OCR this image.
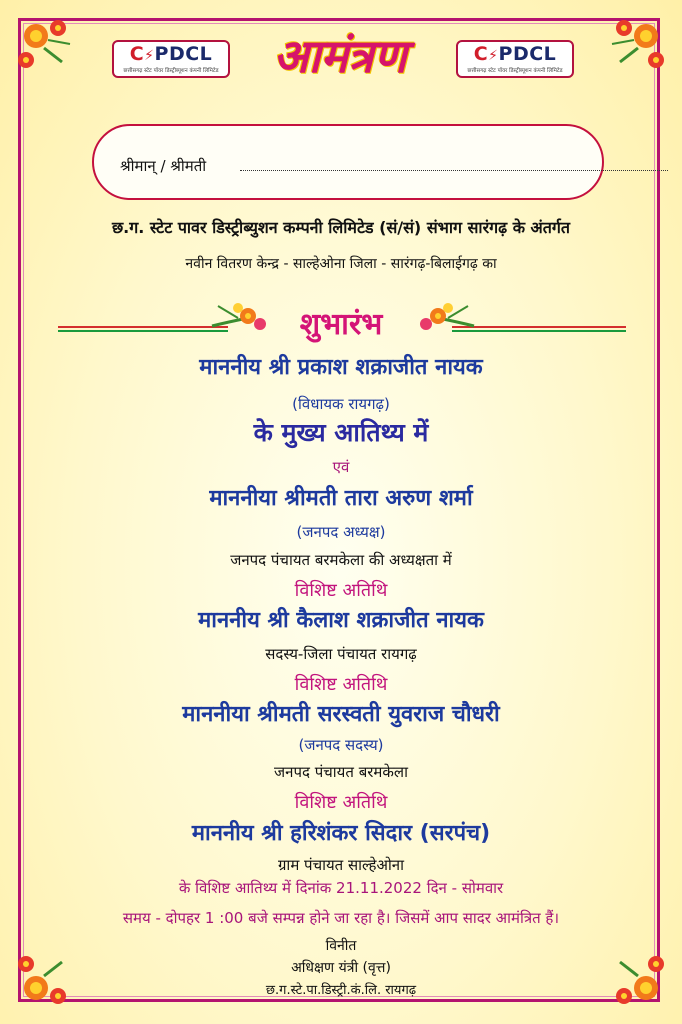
C⚡PDCL
छत्तीसगढ़ स्टेट पॉवर डिस्ट्रीब्यूशन कंपनी लिमिटेड
C⚡PDCL
छत्तीसगढ़ स्टेट पॉवर डिस्ट्रीब्यूशन कंपनी लिमिटेड
आमंत्रण
श्रीमान् / श्रीमती
छ.ग. स्टेट पावर डिस्ट्रीब्युशन कम्पनी लिमिटेड (सं/सं) संभाग सारंगढ़ के अंतर्गत
नवीन वितरण केन्द्र - साल्हेओना जिला - सारंगढ़-बिलाईगढ़ का
शुभारंभ
माननीय श्री प्रकाश शक्राजीत नायक
(विधायक रायगढ़)
के मुख्य आतिथ्य में
एवं
माननीया श्रीमती तारा अरुण शर्मा
(जनपद अध्यक्ष)
जनपद पंचायत बरमकेला की अध्यक्षता में
विशिष्ट अतिथि
माननीय श्री कैलाश शक्राजीत नायक
सदस्य-जिला पंचायत रायगढ़
विशिष्ट अतिथि
माननीया श्रीमती सरस्वती युवराज चौधरी
(जनपद सदस्य)
जनपद पंचायत बरमकेला
विशिष्ट अतिथि
माननीय श्री हरिशंकर सिदार (सरपंच)
ग्राम पंचायत साल्हेओना
के विशिष्ट आतिथ्य में दिनांक 21.11.2022 दिन - सोमवार
समय - दोपहर 1 :00 बजे सम्पन्न होने जा रहा है। जिसमें आप सादर आमंत्रित हैं।
विनीत
अधिक्षण यंत्री (वृत्त)
छ.ग.स्टे.पा.डिस्ट्री.कं.लि. रायगढ़
